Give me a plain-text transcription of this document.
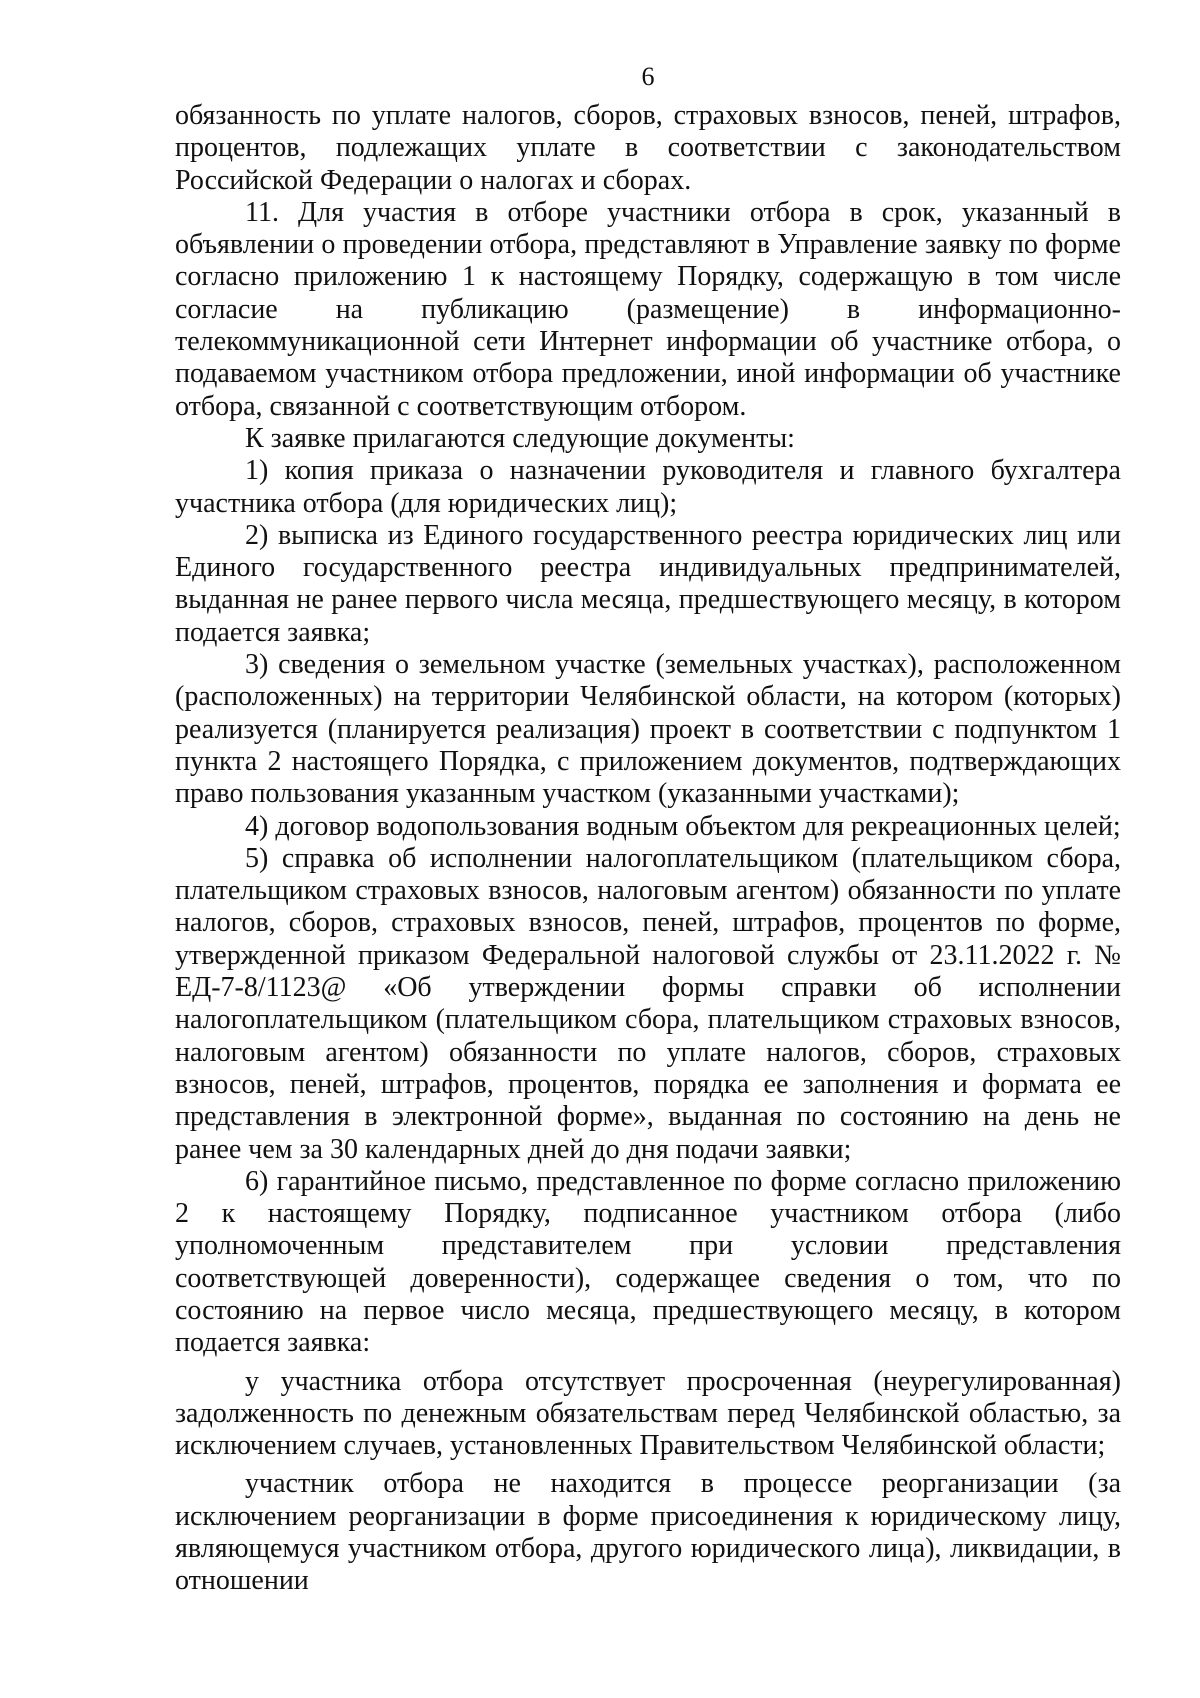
6

обязанность по уплате налогов, сборов, страховых взносов, пеней, штрафов, процентов, подлежащих уплате в соответствии с законодательством Российской Федерации о налогах и сборах.

11. Для участия в отборе участники отбора в срок, указанный в объявлении о проведении отбора, представляют в Управление заявку по форме согласно приложению 1 к настоящему Порядку, содержащую в том числе согласие на публикацию (размещение) в информационно-телекоммуникационной сети Интернет информации об участнике отбора, о подаваемом участником отбора предложении, иной информации об участнике отбора, связанной с соответствующим отбором.

К заявке прилагаются следующие документы:

1) копия приказа о назначении руководителя и главного бухгалтера участника отбора (для юридических лиц);

2) выписка из Единого государственного реестра юридических лиц или Единого государственного реестра индивидуальных предпринимателей, выданная не ранее первого числа месяца, предшествующего месяцу, в котором подается заявка;

3) сведения о земельном участке (земельных участках), расположенном (расположенных) на территории Челябинской области, на котором (которых) реализуется (планируется реализация) проект в соответствии с подпунктом 1 пункта 2 настоящего Порядка, с приложением документов, подтверждающих право пользования указанным участком (указанными участками);

4) договор водопользования водным объектом для рекреационных целей;

5) справка об исполнении налогоплательщиком (плательщиком сбора, плательщиком страховых взносов, налоговым агентом) обязанности по уплате налогов, сборов, страховых взносов, пеней, штрафов, процентов по форме, утвержденной приказом Федеральной налоговой службы от 23.11.2022 г. № ЕД-7-8/1123@ «Об утверждении формы справки об исполнении налогоплательщиком (плательщиком сбора, плательщиком страховых взносов, налоговым агентом) обязанности по уплате налогов, сборов, страховых взносов, пеней, штрафов, процентов, порядка ее заполнения и формата ее представления в электронной форме», выданная по состоянию на день не ранее чем за 30 календарных дней до дня подачи заявки;

6) гарантийное письмо, представленное по форме согласно приложению 2 к настоящему Порядку, подписанное участником отбора (либо уполномоченным представителем при условии представления соответствующей доверенности), содержащее сведения о том, что по состоянию на первое число месяца, предшествующего месяцу, в котором подается заявка:

у участника отбора отсутствует просроченная (неурегулированная) задолженность по денежным обязательствам перед Челябинской областью, за исключением случаев, установленных Правительством Челябинской области;

участник отбора не находится в процессе реорганизации (за исключением реорганизации в форме присоединения к юридическому лицу, являющемуся участником отбора, другого юридического лица), ликвидации, в отношении
